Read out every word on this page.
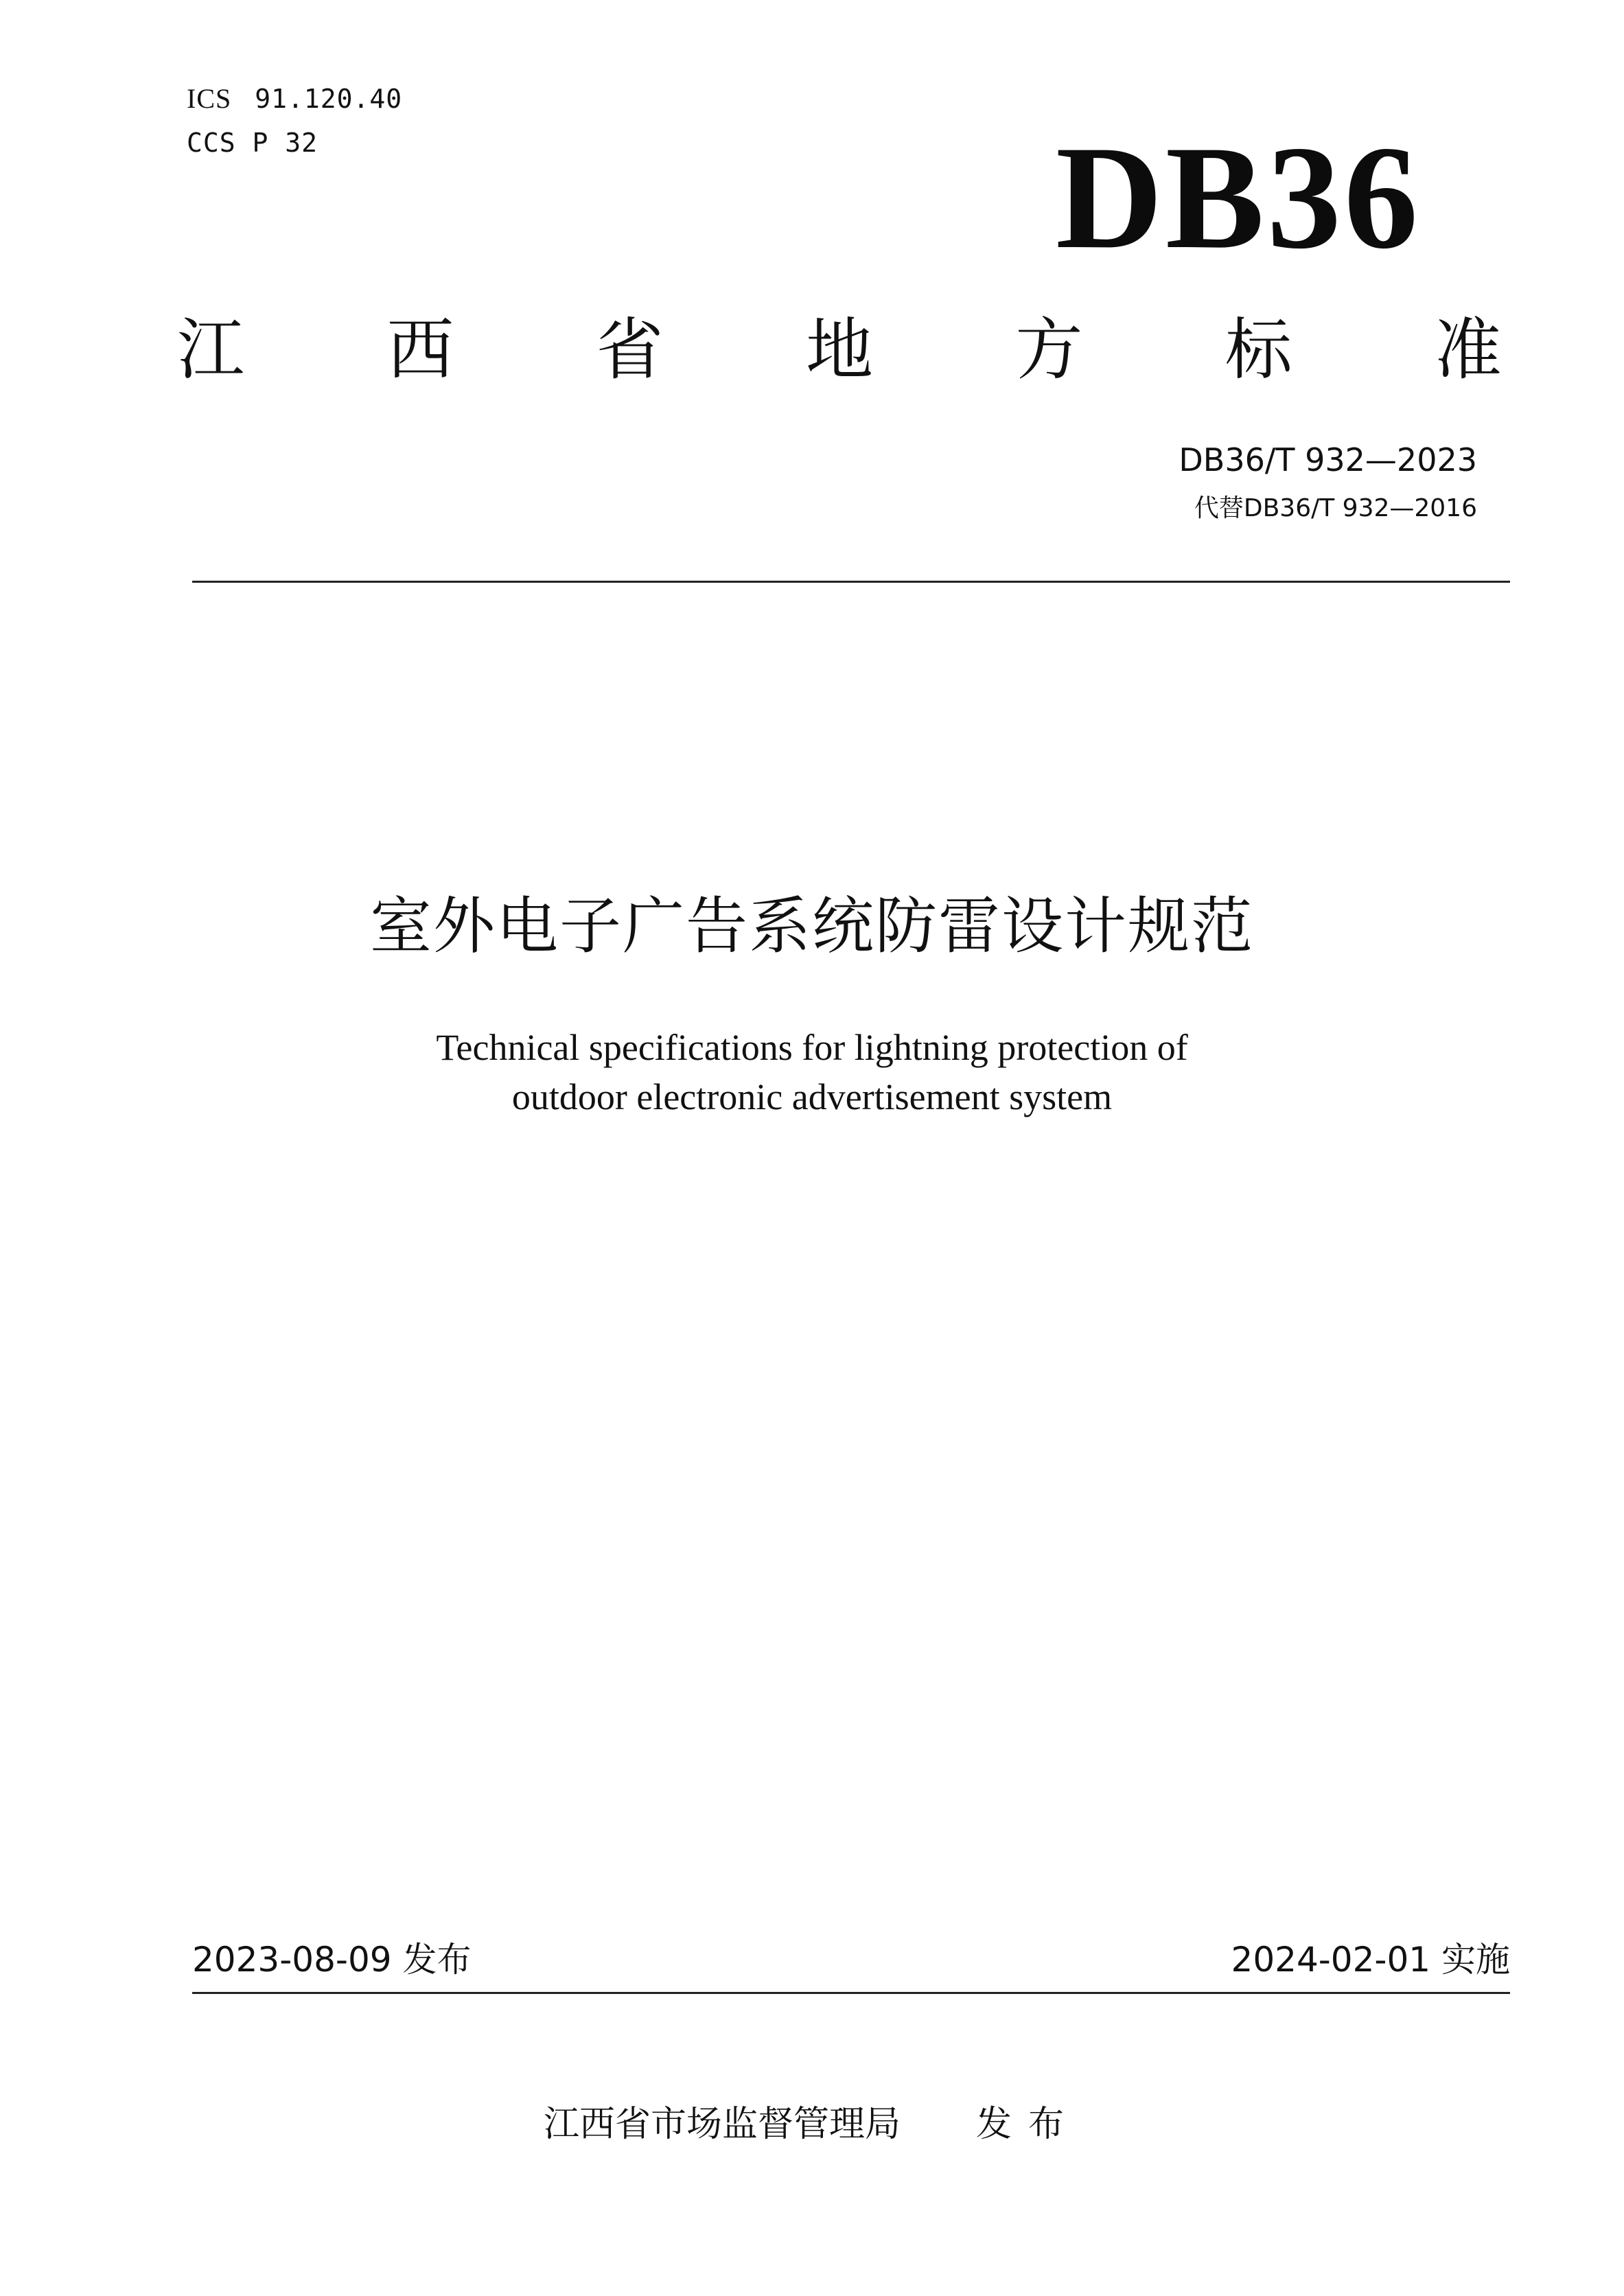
ICS 91.120.40
CCS P 32	DB36
江 西 省 地 方 标 准
DB36/T 932—2023
代替DB36/T 932—2016
室外电子广告系统防雷设计规范
Technical specifications for lightning protection of
outdoor electronic advertisement system
2023-08-09 发布	2024-02-01 实施
江西省市场监督管理局 发布
